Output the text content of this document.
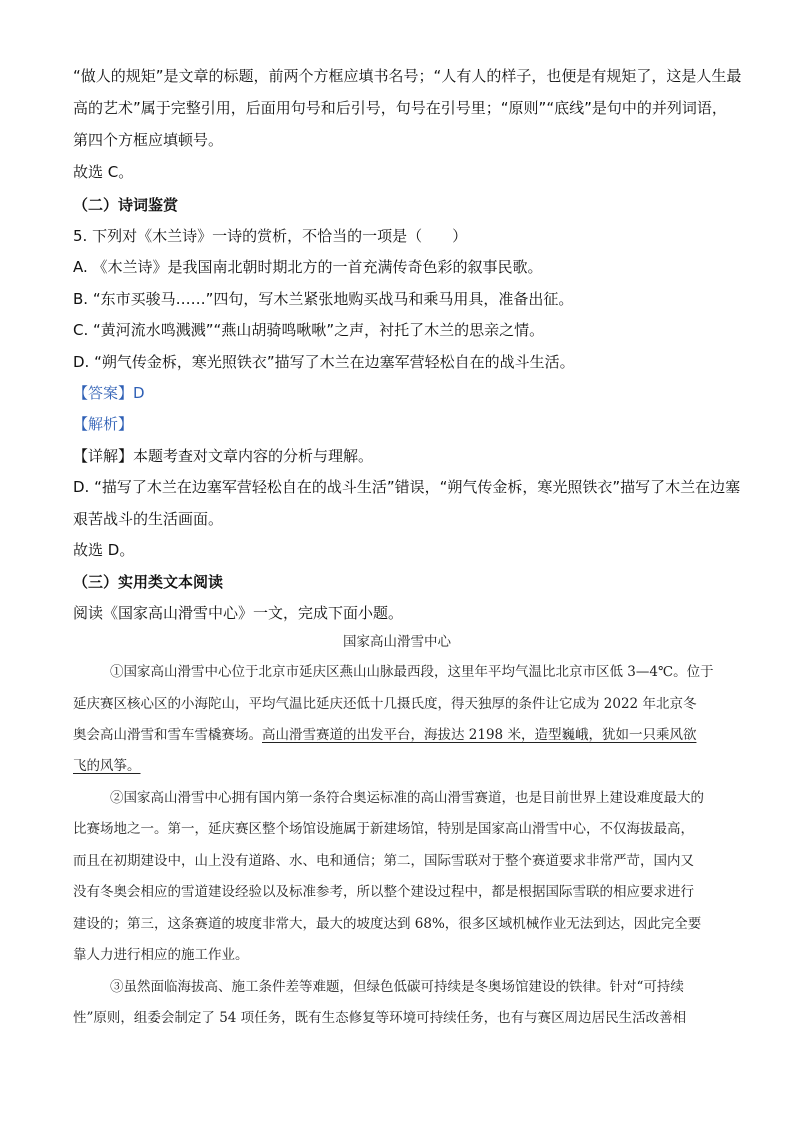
“做人的规矩”是文章的标题，前两个方框应填书名号；“人有人的样子，也便是有规矩了，这是人生最
高的艺术”属于完整引用，后面用句号和后引号，句号在引号里；“原则”“底线”是句中的并列词语，
第四个方框应填顿号。
故选 C。
（二）诗词鉴赏
5. 下列对《木兰诗》一诗的赏析，不恰当的一项是（　　）
A. 《木兰诗》是我国南北朝时期北方的一首充满传奇色彩的叙事民歌。
B. “东市买骏马……”四句，写木兰紧张地购买战马和乘马用具，准备出征。
C. “黄河流水鸣溅溅”“燕山胡骑鸣啾啾”之声，衬托了木兰的思亲之情。
D. “朔气传金柝，寒光照铁衣”描写了木兰在边塞军营轻松自在的战斗生活。
【答案】D
【解析】
【详解】本题考查对文章内容的分析与理解。
D. “描写了木兰在边塞军营轻松自在的战斗生活”错误，“朔气传金柝，寒光照铁衣”描写了木兰在边塞
艰苦战斗的生活画面。
故选 D。
（三）实用类文本阅读
阅读《国家高山滑雪中心》一文，完成下面小题。
国家高山滑雪中心
①国家高山滑雪中心位于北京市延庆区燕山山脉最西段，这里年平均气温比北京市区低 3—4℃。位于
延庆赛区核心区的小海陀山，平均气温比延庆还低十几摄氏度，得天独厚的条件让它成为 2022 年北京冬
奥会高山滑雪和雪车雪橇赛场。高山滑雪赛道的出发平台，海拔达 2198 米，造型巍峨，犹如一只乘风欲
飞的风筝。
②国家高山滑雪中心拥有国内第一条符合奥运标准的高山滑雪赛道，也是目前世界上建设难度最大的
比赛场地之一。第一，延庆赛区整个场馆设施属于新建场馆，特别是国家高山滑雪中心，不仅海拔最高，
而且在初期建设中，山上没有道路、水、电和通信；第二，国际雪联对于整个赛道要求非常严苛，国内又
没有冬奥会相应的雪道建设经验以及标准参考，所以整个建设过程中，都是根据国际雪联的相应要求进行
建设的；第三，这条赛道的坡度非常大，最大的坡度达到 68%，很多区域机械作业无法到达，因此完全要
靠人力进行相应的施工作业。
③虽然面临海拔高、施工条件差等难题，但绿色低碳可持续是冬奥场馆建设的铁律。针对“可持续
性”原则，组委会制定了 54 项任务，既有生态修复等环境可持续任务，也有与赛区周边居民生活改善相
